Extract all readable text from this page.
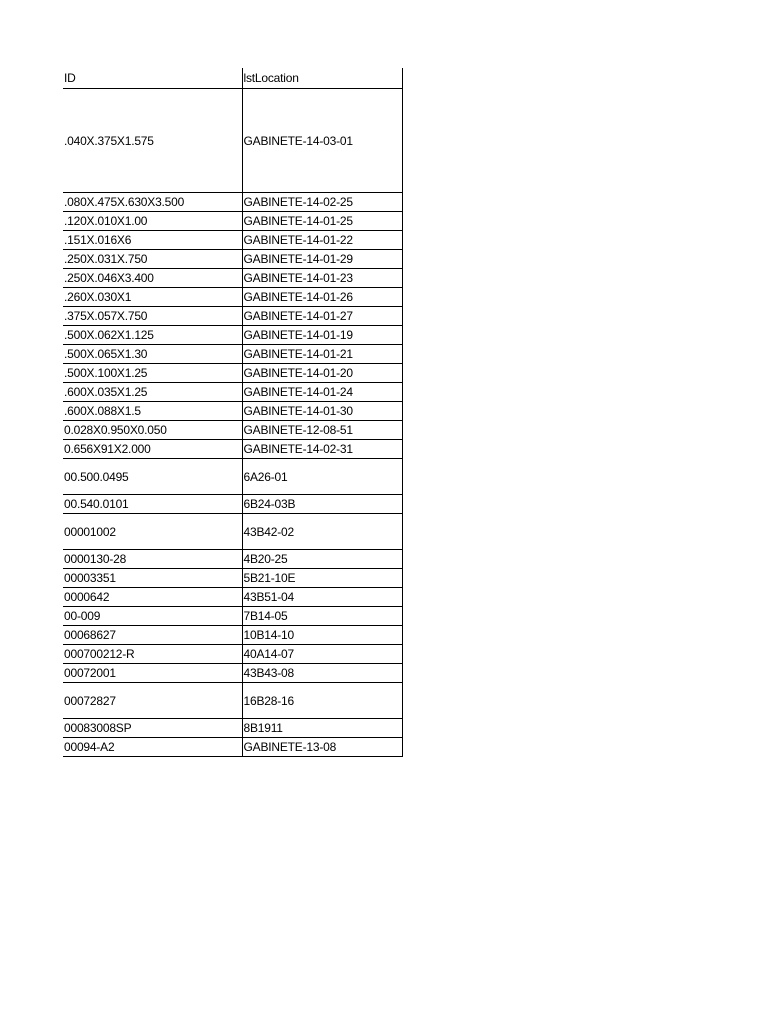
ID	lstLocation
.040X.375X1.575	GABINETE-14-03-01
.080X.475X.630X3.500	GABINETE-14-02-25
.120X.010X1.00	GABINETE-14-01-25
.151X.016X6	GABINETE-14-01-22
.250X.031X.750	GABINETE-14-01-29
.250X.046X3.400	GABINETE-14-01-23
.260X.030X1	GABINETE-14-01-26
.375X.057X.750	GABINETE-14-01-27
.500X.062X1.125	GABINETE-14-01-19
.500X.065X1.30	GABINETE-14-01-21
.500X.100X1.25	GABINETE-14-01-20
.600X.035X1.25	GABINETE-14-01-24
.600X.088X1.5	GABINETE-14-01-30
0.028X0.950X0.050	GABINETE-12-08-51
0.656X91X2.000	GABINETE-14-02-31
00.500.0495	6A26-01
00.540.0101	6B24-03B
00001002	43B42-02
0000130-28	4B20-25
00003351	5B21-10E
0000642	43B51-04
00-009	7B14-05
00068627	10B14-10
000700212-R	40A14-07
00072001	43B43-08
00072827	16B28-16
00083008SP	8B1911
00094-A2	GABINETE-13-08
